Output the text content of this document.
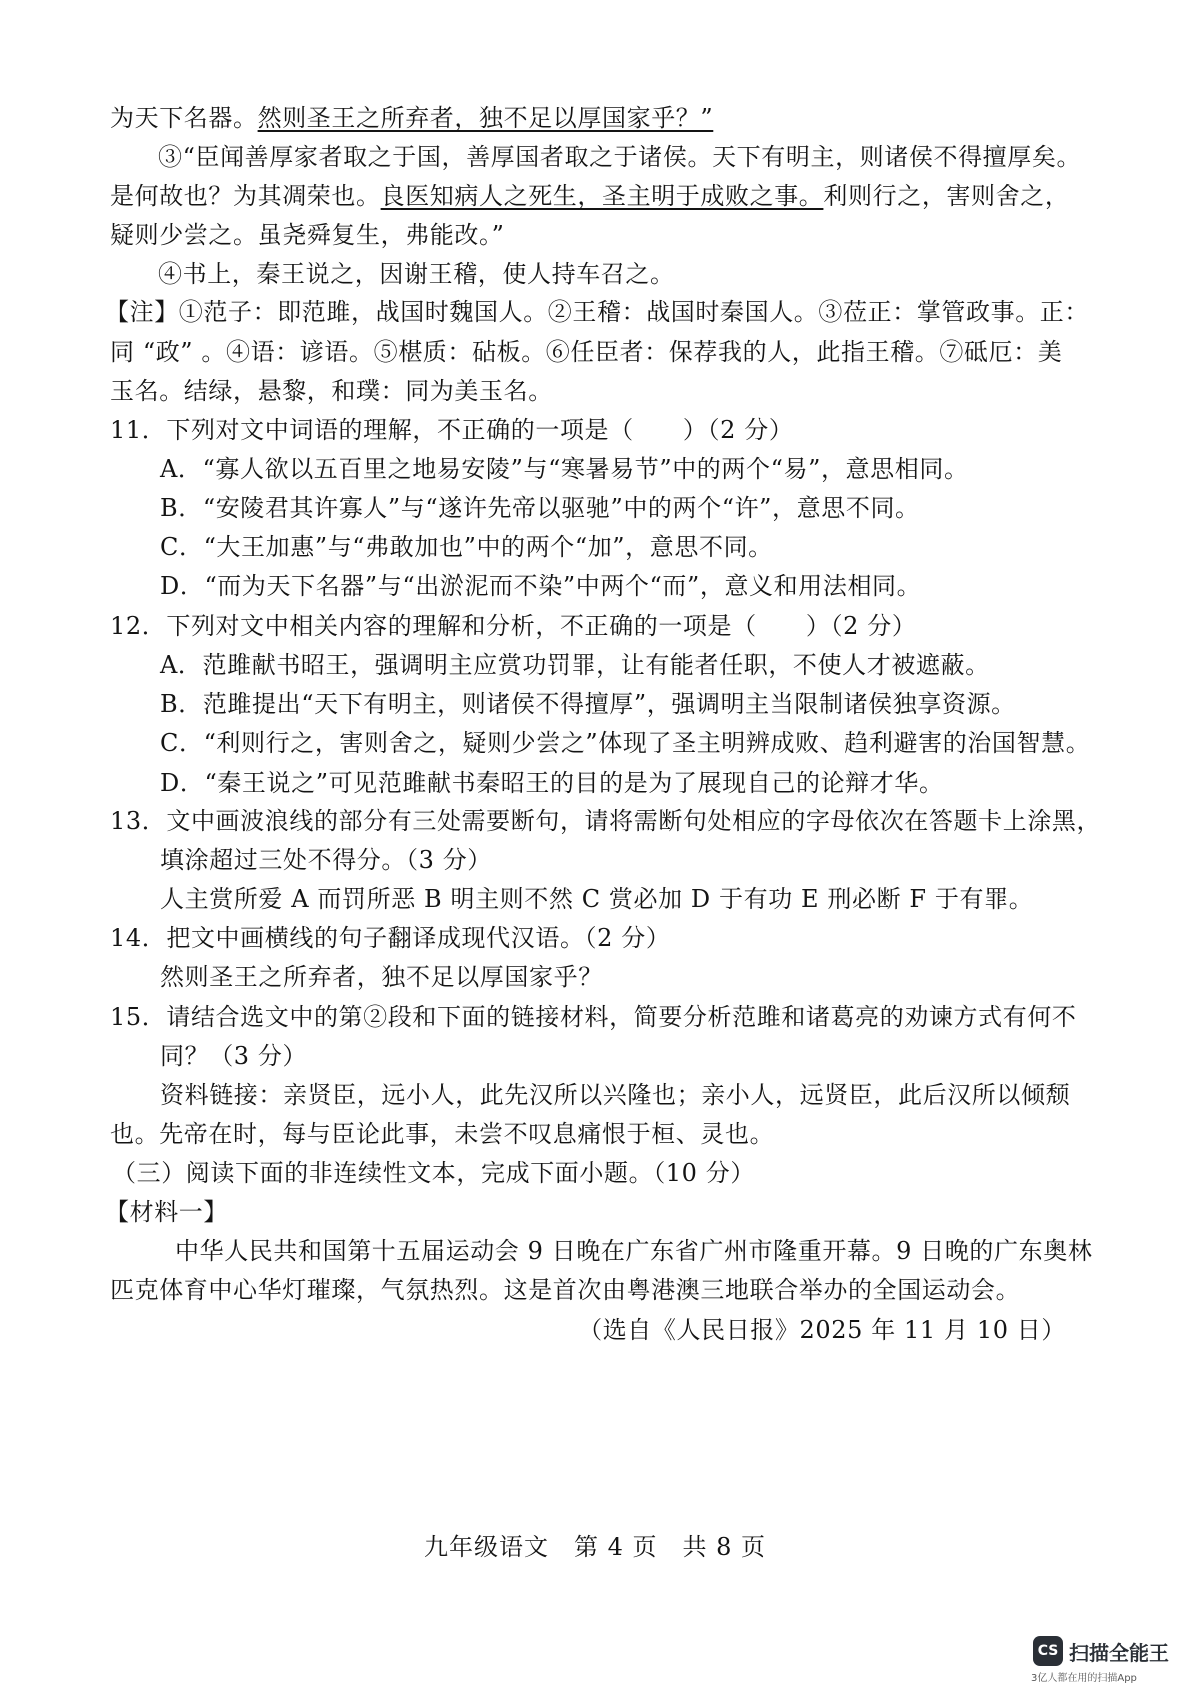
为天下名器。然则圣王之所弃者，独不足以厚国家乎？”
③“臣闻善厚家者取之于国，善厚国者取之于诸侯。天下有明主，则诸侯不得擅厚矣。
是何故也？为其凋荣也。良医知病人之死生，圣主明于成败之事。利则行之，害则舍之，
疑则少尝之。虽尧舜复生，弗能改。”
④书上，秦王说之，因谢王稽，使人持车召之。
【注】①范子：即范雎，战国时魏国人。②王稽：战国时秦国人。③莅正：掌管政事。正：
同 “政” 。④语：谚语。⑤椹质：砧板。⑥任臣者：保荐我的人，此指王稽。⑦砥厄：美
玉名。结绿，悬黎，和璞：同为美玉名。
11．下列对文中词语的理解，不正确的一项是（　　）（2 分）
A．“寡人欲以五百里之地易安陵”与“寒暑易节”中的两个“易”，意思相同。
B．“安陵君其许寡人”与“遂许先帝以驱驰”中的两个“许”，意思不同。
C．“大王加惠”与“弗敢加也”中的两个“加”，意思不同。
D．“而为天下名器”与“出淤泥而不染”中两个“而”，意义和用法相同。
12．下列对文中相关内容的理解和分析，不正确的一项是（　　）（2 分）
A．范雎献书昭王，强调明主应赏功罚罪，让有能者任职，不使人才被遮蔽。
B．范雎提出“天下有明主，则诸侯不得擅厚”，强调明主当限制诸侯独享资源。
C．“利则行之，害则舍之，疑则少尝之”体现了圣主明辨成败、趋利避害的治国智慧。
D．“秦王说之”可见范雎献书秦昭王的目的是为了展现自己的论辩才华。
13．文中画波浪线的部分有三处需要断句，请将需断句处相应的字母依次在答题卡上涂黑，
填涂超过三处不得分。（3 分）
人主赏所爱 A 而罚所恶 B 明主则不然 C 赏必加 D 于有功 E 刑必断 F 于有罪。
14．把文中画横线的句子翻译成现代汉语。（2 分）
然则圣王之所弃者，独不足以厚国家乎？
15．请结合选文中的第②段和下面的链接材料，简要分析范雎和诸葛亮的劝谏方式有何不
同？（3 分）
资料链接：亲贤臣，远小人，此先汉所以兴隆也；亲小人，远贤臣，此后汉所以倾颓
也。先帝在时，每与臣论此事，未尝不叹息痛恨于桓、灵也。
（三）阅读下面的非连续性文本，完成下面小题。（10 分）
【材料一】
中华人民共和国第十五届运动会 9 日晚在广东省广州市隆重开幕。9 日晚的广东奥林
匹克体育中心华灯璀璨，气氛热烈。这是首次由粤港澳三地联合举办的全国运动会。
（选自《人民日报》2025 年 11 月 10 日）
九年级语文　第 4 页　共 8 页
CS 扫描全能王
3亿人都在用的扫描App
